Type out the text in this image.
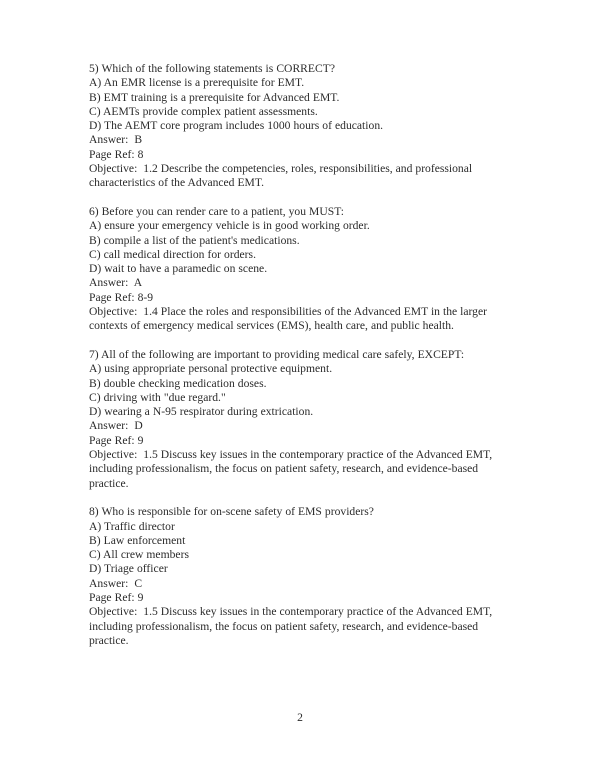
5) Which of the following statements is CORRECT?
A) An EMR license is a prerequisite for EMT.
B) EMT training is a prerequisite for Advanced EMT.
C) AEMTs provide complex patient assessments.
D) The AEMT core program includes 1000 hours of education.
Answer:  B
Page Ref: 8
Objective:  1.2 Describe the competencies, roles, responsibilities, and professional characteristics of the Advanced EMT.
6) Before you can render care to a patient, you MUST:
A) ensure your emergency vehicle is in good working order.
B) compile a list of the patient's medications.
C) call medical direction for orders.
D) wait to have a paramedic on scene.
Answer:  A
Page Ref: 8-9
Objective:  1.4 Place the roles and responsibilities of the Advanced EMT in the larger contexts of emergency medical services (EMS), health care, and public health.
7) All of the following are important to providing medical care safely, EXCEPT:
A) using appropriate personal protective equipment.
B) double checking medication doses.
C) driving with "due regard."
D) wearing a N-95 respirator during extrication.
Answer:  D
Page Ref: 9
Objective:  1.5 Discuss key issues in the contemporary practice of the Advanced EMT, including professionalism, the focus on patient safety, research, and evidence-based practice.
8) Who is responsible for on-scene safety of EMS providers?
A) Traffic director
B) Law enforcement
C) All crew members
D) Triage officer
Answer:  C
Page Ref: 9
Objective:  1.5 Discuss key issues in the contemporary practice of the Advanced EMT, including professionalism, the focus on patient safety, research, and evidence-based practice.
2
